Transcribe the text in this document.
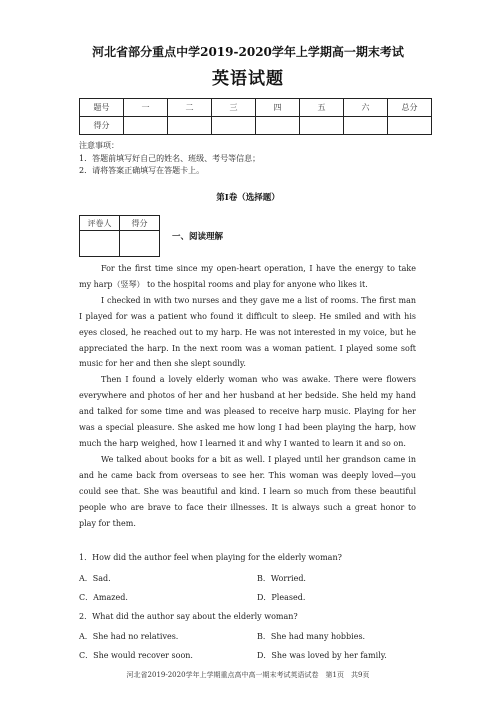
河北省部分重点中学2019-2020学年上学期高一期末考试
英语试题
题号	一	二	三	四	五	六	总分
得分							
注意事项：
1．答题前填写好自己的姓名、班级、考号等信息；
2．请将答案正确填写在答题卡上。
第I卷（选择题）
评卷人	得分

一、阅读理解

For the first time since my open-heart operation, I have the energy to take my harp（竖琴） to the hospital rooms and play for anyone who likes it.

I checked in with two nurses and they gave me a list of rooms. The first man I played for was a patient who found it difficult to sleep. He smiled and with his eyes closed, he reached out to my harp. He was not interested in my voice, but he appreciated the harp. In the next room was a woman patient. I played some soft music for her and then she slept soundly.

Then I found a lovely elderly woman who was awake. There were flowers everywhere and photos of her and her husband at her bedside. She held my hand and talked for some time and was pleased to receive harp music. Playing for her was a special pleasure. She asked me how long I had been playing the harp, how much the harp weighed, how I learned it and why I wanted to learn it and so on.

We talked about books for a bit as well. I played until her grandson came in and he came back from overseas to see her. This woman was deeply loved—you could see that. She was beautiful and kind. I learn so much from these beautiful people who are brave to face their illnesses. It is always such a great honor to play for them.

1．How did the author feel when playing for the elderly woman?
A．Sad.	B．Worried.
C．Amazed.	D．Pleased.
2．What did the author say about the elderly woman?
A．She had no relatives.	B．She had many hobbies.
C．She would recover soon.	D．She was loved by her family.
河北省2019-2020学年上学期重点高中高一期末考试英语试卷　第1页　共9页
